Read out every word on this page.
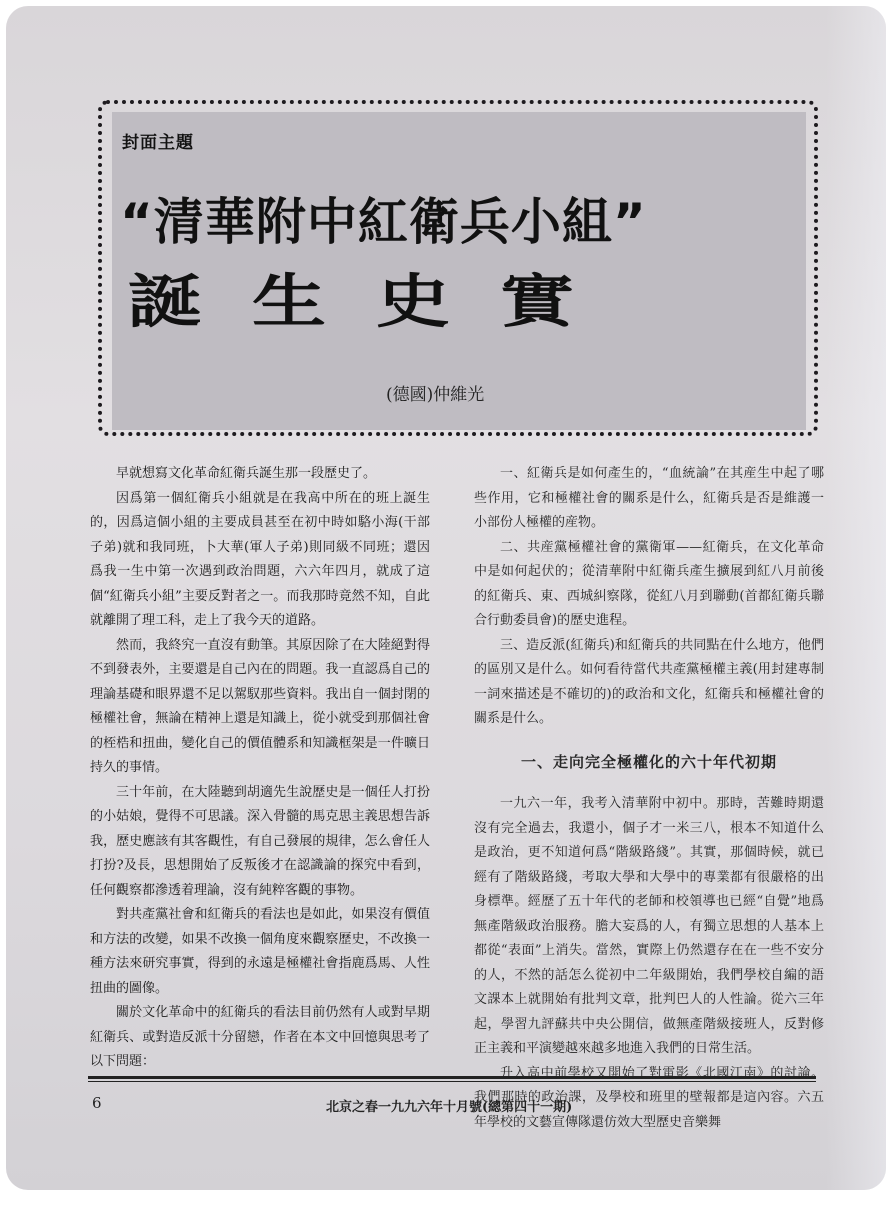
封面主題
“清華附中紅衛兵小組”
誕生史實
(德國)仲維光

早就想寫文化革命紅衛兵誕生那一段歷史了。

因爲第一個紅衛兵小組就是在我高中所在的班上誕生的，因爲這個小組的主要成員甚至在初中時如駱小海(干部子弟)就和我同班，卜大華(軍人子弟)則同級不同班；還因爲我一生中第一次遇到政治問題，六六年四月，就成了這個“紅衛兵小組”主要反對者之一。而我那時竟然不知，自此就離開了理工科，走上了我今天的道路。

然而，我終究一直沒有動筆。其原因除了在大陸絕對得不到發表外，主要還是自己內在的問題。我一直認爲自己的理論基礎和眼界還不足以駕馭那些資料。我出自一個封閉的極權社會，無論在精神上還是知識上，從小就受到那個社會的桎梏和扭曲，變化自己的價值體系和知識框架是一件曠日持久的事情。

三十年前，在大陸聽到胡適先生說歷史是一個任人打扮的小姑娘，覺得不可思議。深入骨髓的馬克思主義思想告訴我，歷史應該有其客觀性，有自己發展的規律，怎么會任人打扮?及長，思想開始了反叛後才在認識論的探究中看到，任何觀察都滲透着理論，沒有純粹客觀的事物。

對共產黨社會和紅衛兵的看法也是如此，如果沒有價值和方法的改變，如果不改換一個角度來觀察歷史，不改換一種方法來研究事實，得到的永遠是極權社會指鹿爲馬、人性扭曲的圖像。

關於文化革命中的紅衛兵的看法目前仍然有人或對早期紅衛兵、或對造反派十分留戀，作者在本文中回憶與思考了以下問題：

一、紅衛兵是如何產生的，“血統論”在其産生中起了哪些作用，它和極權社會的關系是什么，紅衛兵是否是維護一小部份人極權的産物。

二、共産黨極權社會的黨衛軍——紅衛兵，在文化革命中是如何起伏的；從清華附中紅衛兵產生擴展到紅八月前後的紅衛兵、東、西城糾察隊，從紅八月到聯動(首都紅衛兵聯合行動委員會)的歷史進程。

三、造反派(紅衛兵)和紅衛兵的共同點在什么地方，他們的區別又是什么。如何看待當代共產黨極權主義(用封建專制一詞來描述是不確切的)的政治和文化，紅衛兵和極權社會的關系是什么。

一、走向完全極權化的六十年代初期

一九六一年，我考入清華附中初中。那時，苦難時期還沒有完全過去，我還小，個子才一米三八，根本不知道什么是政治，更不知道何爲“階級路綫”。其實，那個時候，就已經有了階級路綫，考取大學和大學中的專業都有很嚴格的出身標準。經歷了五十年代的老師和校領導也已經“自覺”地爲無產階級政治服務。膽大妄爲的人，有獨立思想的人基本上都從“表面”上消失。當然，實際上仍然還存在在一些不安分的人，不然的話怎么從初中二年級開始，我們學校自編的語文課本上就開始有批判文章，批判巴人的人性論。從六三年起，學習九評蘇共中央公開信，做無產階級接班人，反對修正主義和平演變越來越多地進入我們的日常生活。

升入高中前學校又開始了對電影《北國江南》的討論。我們那時的政治課，及學校和班里的壁報都是這內容。六五年學校的文藝宣傳隊還仿效大型歷史音樂舞

6	北京之春一九九六年十月號(總第四十一期)
